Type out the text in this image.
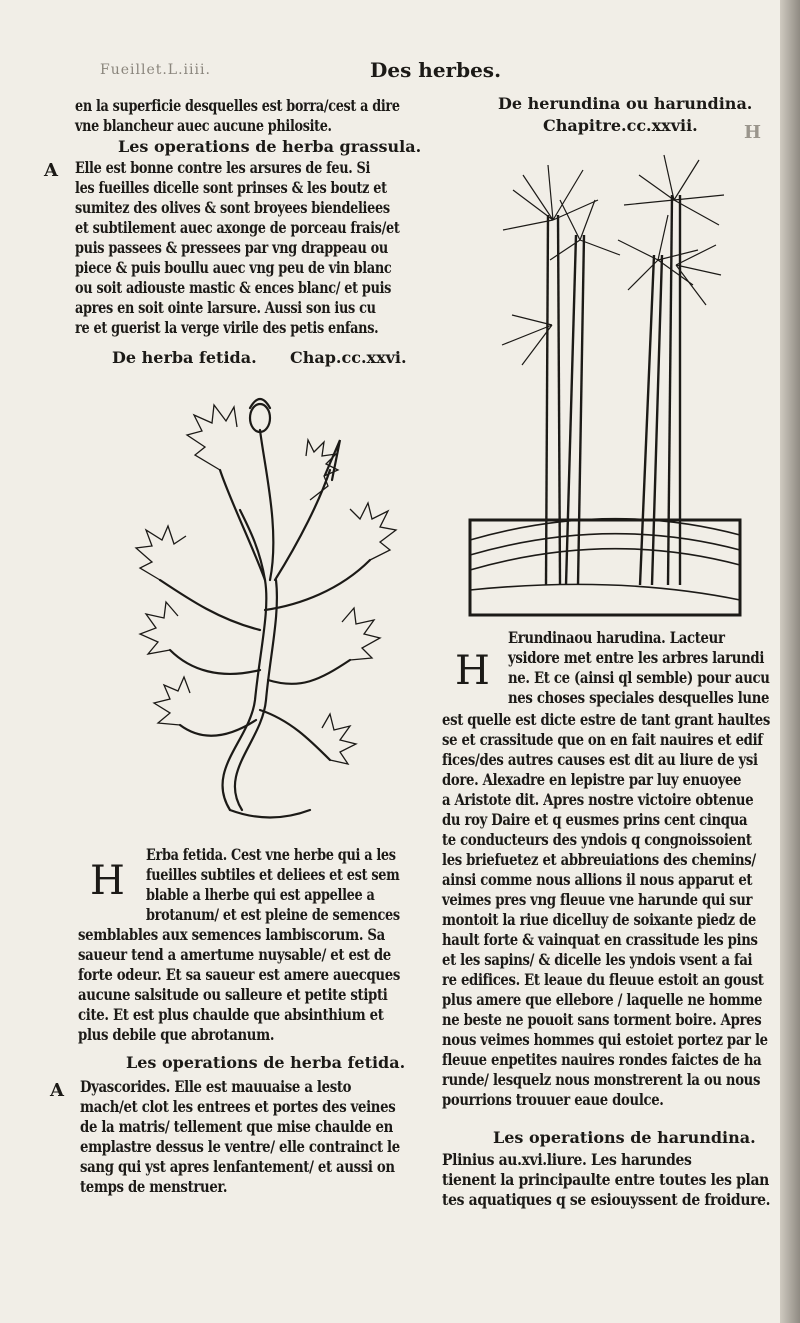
Fueillet.L.iiii.	Des herbes.
en la superficie desquelles est borra/cest a dire
vne blancheur auec aucune philosite.
Les operations de herba grassula.
A Elle est bonne contre les arsures de feu. Si
les fueilles dicelle sont prinses & les boutz et
sumitez des olives & sont broyees biendeliees
et subtilement auec axonge de porceau frais/et
puis passees & pressees par vng drappeau ou
piece & puis boullu auec vng peu de vin blanc
ou soit adiouste mastic & ences blanc/ et puis
apres en soit ointe larsure. Aussi son ius cu
re et guerist la verge virile des petis enfans.
De herba fetida. Chap.cc.xxvi.
H
Erba fetida. Cest vne herbe qui a les
fueilles subtiles et deliees et est sem
blable a lherbe qui est appellee a
brotanum/ et est pleine de semences
semblables aux semences lambiscorum. Sa
saueur tend a amertume nuysable/ et est de
forte odeur. Et sa saueur est amere auecques
aucune salsitude ou salleure et petite stipti
cite. Et est plus chaulde que absinthium et
plus debile que abrotanum.
Les operations de herba fetida.
A Dyascorides. Elle est mauuaise a lesto
mach/et clot les entrees et portes des veines
de la matris/ tellement que mise chaulde en
emplastre dessus le ventre/ elle contrainct le
sang qui yst apres lenfantement/ et aussi on
temps de menstruer.
De herundina ou harundina.
Chapitre.cc.xxvii.	H
Erundinaou harudina. Lacteur
ysidore met entre les arbres larundi
ne. Et ce (ainsi ql semble) pour aucu
nes choses speciales desquelles lune
H
est quelle est dicte estre de tant grant haultes
se et crassitude que on en fait nauires et edif
fices/des autres causes est dit au liure de ysi
dore. Alexadre en lepistre par luy enuoyee
a Aristote dit. Apres nostre victoire obtenue
du roy Daire et q eusmes prins cent cinqua
te conducteurs des yndois q congnoissoient
les briefuetez et abbreuiations des chemins/
ainsi comme nous allions il nous apparut et
veimes pres vng fleuue vne harunde qui sur
montoit la riue dicelluy de soixante piedz de
hault forte & vainquat en crassitude les pins
et les sapins/ & dicelle les yndois vsent a fai
re edifices. Et leaue du fleuue estoit an goust
plus amere que ellebore / laquelle ne homme
ne beste ne pouoit sans torment boire. Apres
nous veimes hommes qui estoiet portez par le
fleuue enpetites nauires rondes faictes de ha
runde/ lesquelz nous monstrerent la ou nous
pourrions trouuer eaue doulce.
Les operations de harundina.
Plinius au.xvi.liure. Les harundes
tienent la principaulte entre toutes les plan
tes aquatiques q se esiouyssent de froidure.
